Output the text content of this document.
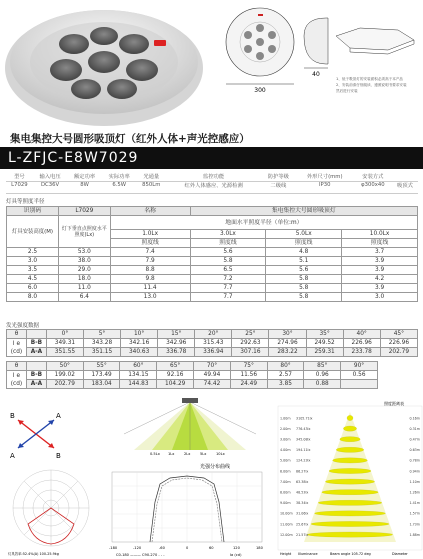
300
40
1、低于吸顶灯的安装面积必须高于本产品
2、安装前请仔细阅读、遵照说明书要求安装
然后进行安装
集电集控大号圆形吸顶灯（红外人体+声光控感应）
L-ZFJC-E8W7029
型号	输入电压	额定功率	实际功率	光通量	监控功能	防护等级	外形尺寸(mm)	安装方式	
L7029	DC36V	8W	6.5W	850Lm	红外人体感应、光源检测	二级线	IP30	φ300x40	吸顶式
灯具等照度半径
识别码	L7029	名称	集电集控大号圆形吸顶灯		
灯具安装高度(M)	灯下垂直点照度水平照度(Lx)	地面水平照度半径（单位:m）			
		1.0Lx	3.0Lx	5.0Lx	10.0Lx
		照度线	照度线	照度线	照度线
2.5	53.0	7.4	5.6	4.8	3.7
3.0	38.0	7.9	5.8	5.1	3.9
3.5	29.0	8.8	6.5	5.6	3.9
4.5	18.0	9.8	7.2	5.8	4.2
6.0	11.0	11.4	7.7	5.8	3.9
8.0	6.4	13.0	7.7	5.8	3.0
发光强度数据
θ		0°	5°	10°	15°	20°	25°	30°	35°	40°	45°
I e (cd)	B-B	349.31	343.28	342.16	342.96	315.43	292.63	274.96	249.52	226.96	226.96
	A-A	351.55	351.15	340.63	336.78	336.94	307.16	283.22	259.31	233.78	202.79
θ		50°	55°	60°	65°	70°	75°	80°	85°	90°
I e (cd)	B-B	199.02	173.49	134.15	92.16	49.94	11.56	2.57	0.96	0.56
	A-A	202.79	183.04	144.83	104.29	74.42	24.49	3.85	0.88	
B	A
A	B	0.5Lx 1Lx	2Lx	5Lx	10Lx
光强分布曲线
-180	-120	-60	0	60	120	180
C0-180 ——— C90-270 - - -	Ia (cd)
灯具效率:52.4%(A) 100-25.9kg
照度距离表
1.00m 3105.71lx	0.16m
2.00m 776.43lx	0.31m
3.00m 345.08lx	0.47m
4.00m 194.11lx	0.63m
5.00m 124.23lx	0.78m
6.00m 86.27lx	0.94m
7.00m 63.38lx	1.10m
8.00m 48.53lx	1.26m
9.00m 38.34lx	1.41m
10.00m 31.06lx	1.57m
11.00m 25.67lx	1.73m
12.00m 21.57lx	1.88m
Height Illuminance	Beam angle 105.72 deg	Diameter
